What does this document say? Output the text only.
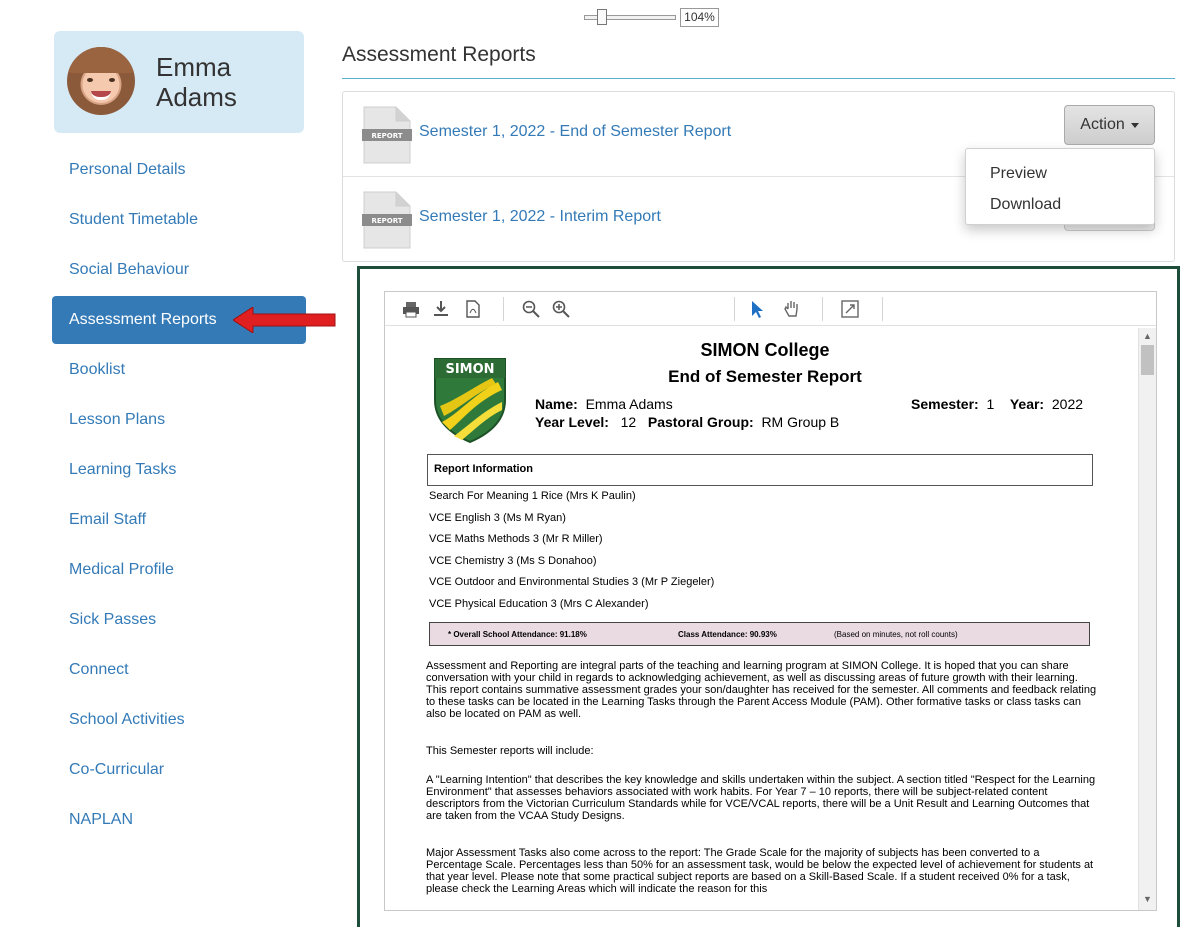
Emma
Adams
Personal Details
Student Timetable
Social Behaviour
Assessment Reports
Booklist
Lesson Plans
Learning Tasks
Email Staff
Medical Profile
Sick Passes
Connect
School Activities
Co-Curricular
NAPLAN
Assessment Reports
REPORT Semester 1, 2022 - End of Semester Report
REPORT Semester 1, 2022 - Interim Report
Action
Preview
Download
104%
▲
▼
SIMON
SIMON College
End of Semester Report
Name: Emma Adams
Year Level: 12 Pastoral Group: RM Group B
Semester: 1 Year: 2022
Report Information
Search For Meaning 1 Rice (Mrs K Paulin)
VCE English 3 (Ms M Ryan)
VCE Maths Methods 3 (Mr R Miller)
VCE Chemistry 3 (Ms S Donahoo)
VCE Outdoor and Environmental Studies 3 (Mr P Ziegeler)
VCE Physical Education 3 (Mrs C Alexander)
* Overall School Attendance: 91.18%	Class Attendance: 90.93%	(Based on minutes, not roll counts)

Assessment and Reporting are integral parts of the teaching and learning program at SIMON College. It is hoped that you can share conversation with your child in regards to acknowledging achievement, as well as discussing areas of future growth with their learning. This report contains summative assessment grades your son/daughter has received for the semester. All comments and feedback relating to these tasks can be located in the Learning Tasks through the Parent Access Module (PAM). Other formative tasks or class tasks can also be located on PAM as well.

This Semester reports will include:

A "Learning Intention" that describes the key knowledge and skills undertaken within the subject. A section titled "Respect for the Learning Environment" that assesses behaviors associated with work habits. For Year 7 – 10 reports, there will be subject-related content descriptors from the Victorian Curriculum Standards while for VCE/VCAL reports, there will be a Unit Result and Learning Outcomes that are taken from the VCAA Study Designs.

Major Assessment Tasks also come across to the report: The Grade Scale for the majority of subjects has been converted to a Percentage Scale. Percentages less than 50% for an assessment task, would be below the expected level of achievement for students at that year level. Please note that some practical subject reports are based on a Skill-Based Scale. If a student received 0% for a task, please check the Learning Areas which will indicate the reason for this
